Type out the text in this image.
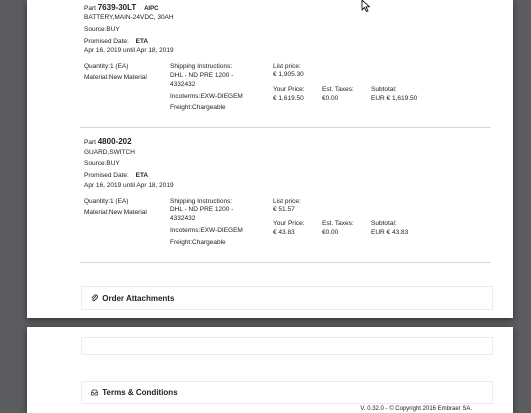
Part 7639-30LT AIPC
BATTERY,MAIN-24VDC, 30AH
Source:BUY
Promised Date: ETA
Apr 16, 2019 until Apr 18, 2019
Quantity:1 (EA)
Material:New Material
Shipping Instructions:
DHL - ND PRE 1200 -
4332432
Incoterms:EXW-DIEGEM
Freight:Chargeable
List price:
€ 1,905.30
Your Price:
€ 1,619.50
Est. Taxes:
€0.00
Subtotal:
EUR € 1,619.50
Part 4800-202
GUARD,SWITCH
Source:BUY
Promised Date: ETA
Apr 16, 2019 until Apr 18, 2019
Quantity:1 (EA)
Material:New Material
Shipping Instructions:
DHL - ND PRE 1200 -
4332432
Incoterms:EXW-DIEGEM
Freight:Chargeable
List price:
€ 51.57
Your Price:
€ 43.83
Est. Taxes:
€0.00
Subtotal:
EUR € 43.83
Order Attachments
Terms & Conditions
V. 0.32.0 - © Copyright 2016 Embraer SA.
